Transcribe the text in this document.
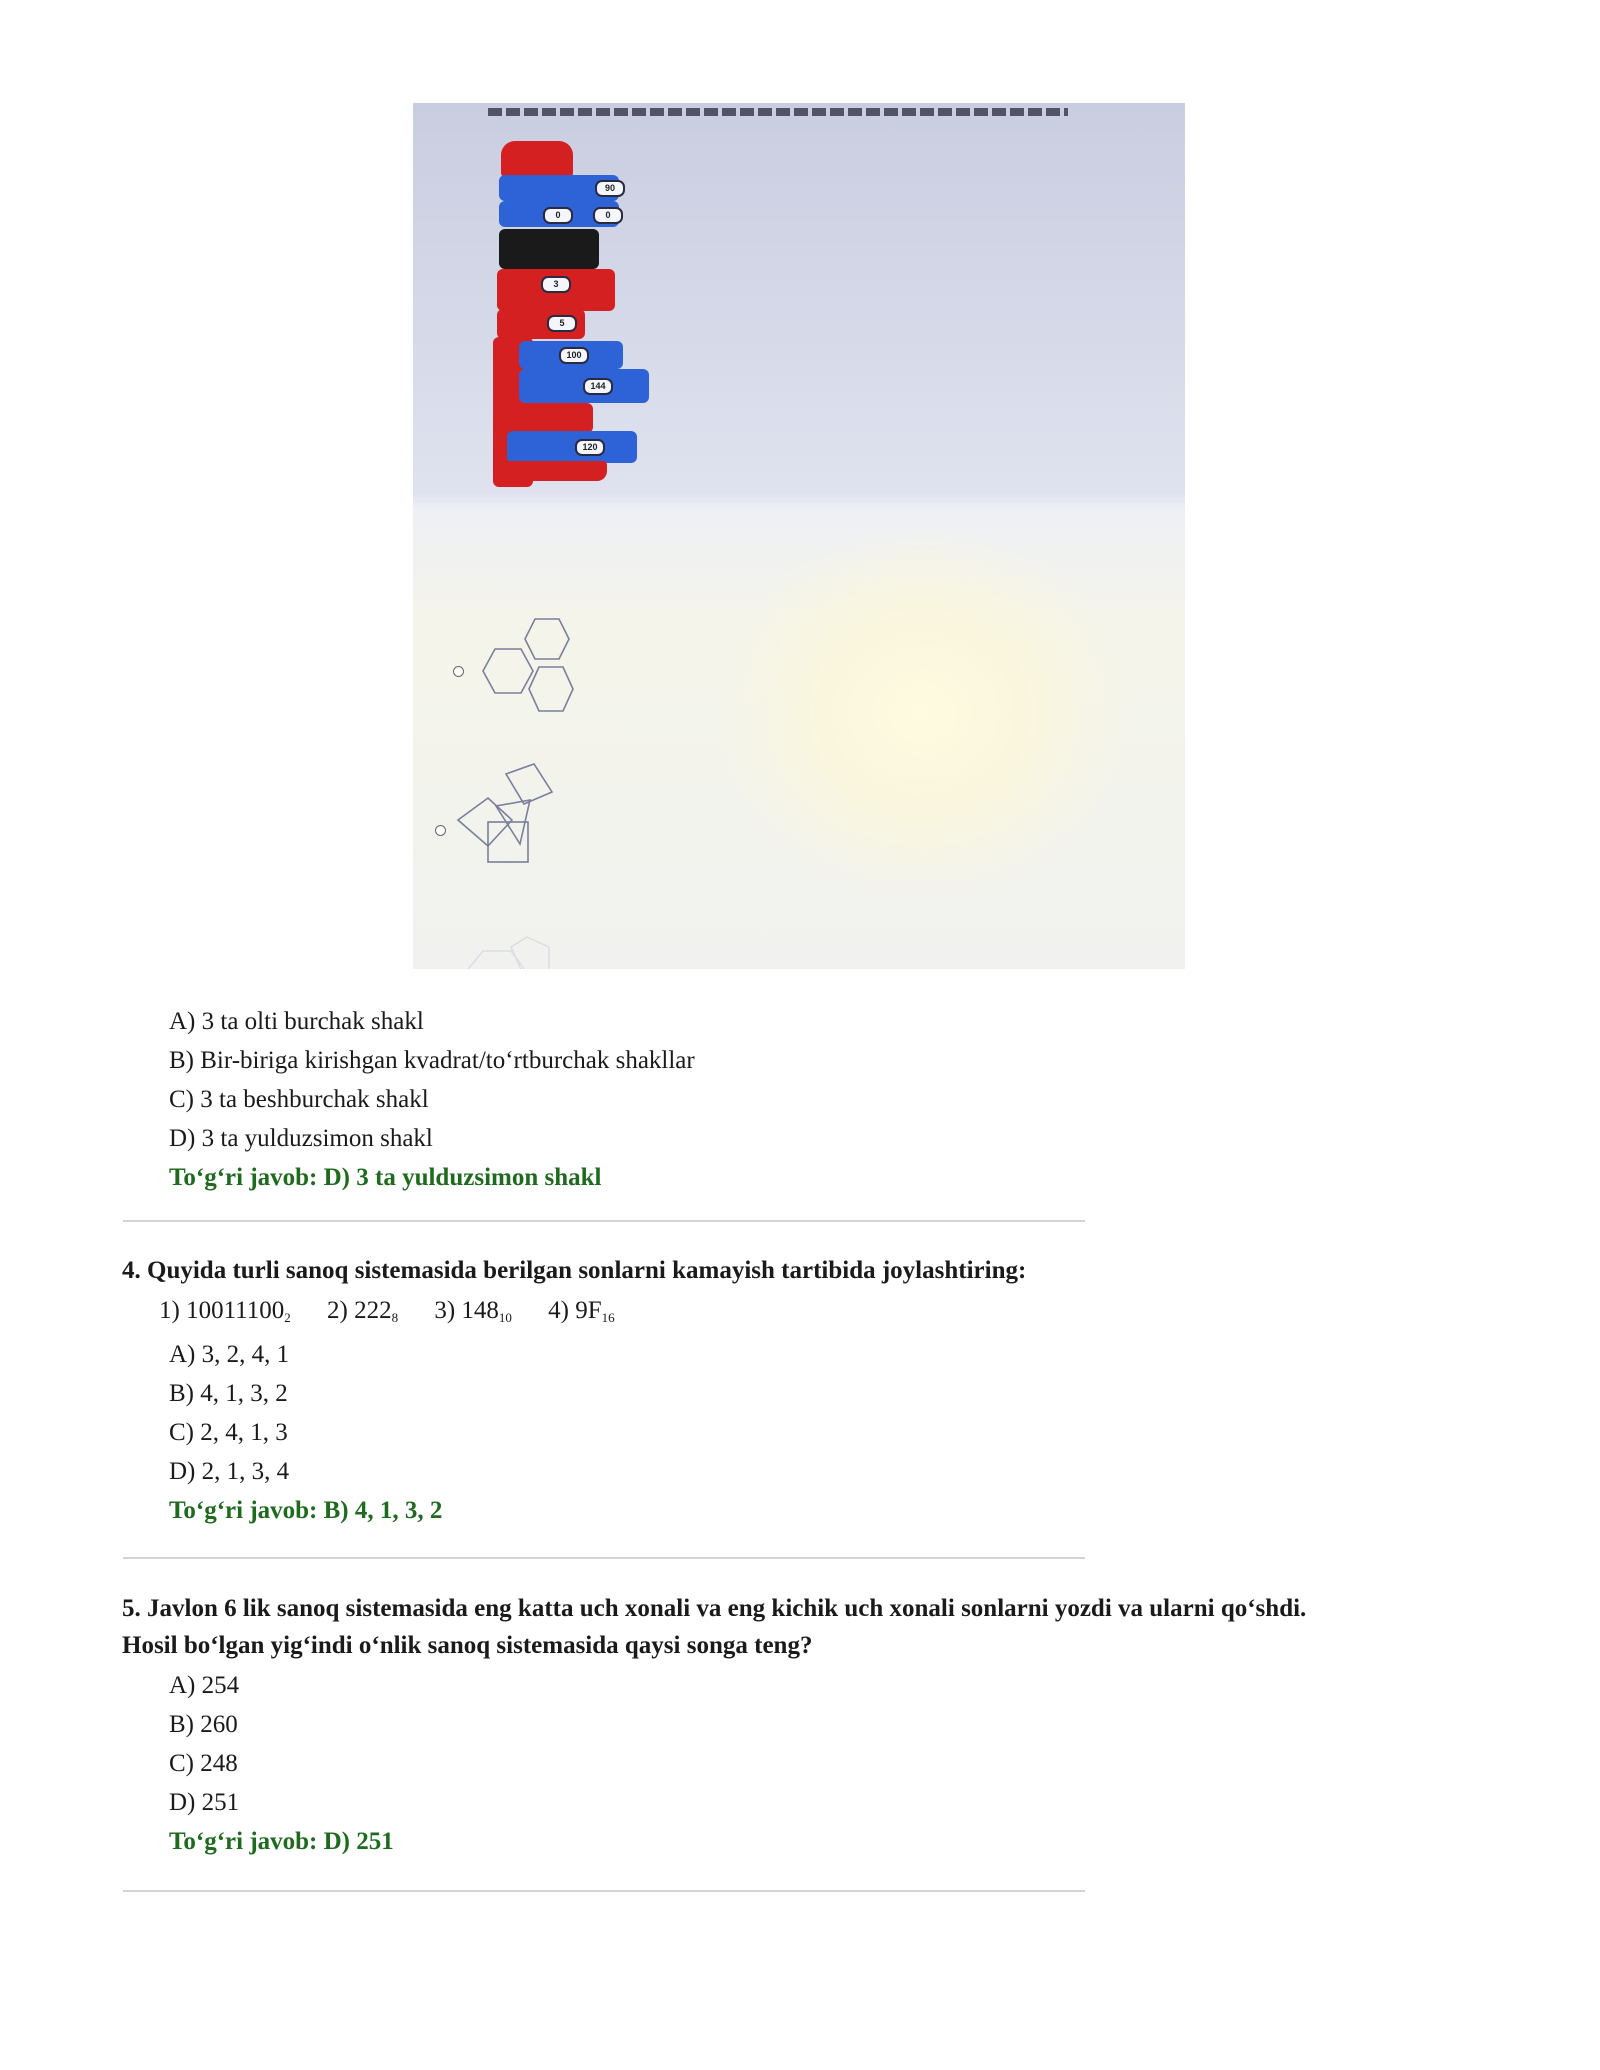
90
0	0
3
5
100
144
120
A) 3 ta olti burchak shakl
B) Bir-biriga kirishgan kvadrat/to‘rtburchak shakllar
C) 3 ta beshburchak shakl
D) 3 ta yulduzsimon shakl
To‘g‘ri javob: D) 3 ta yulduzsimon shakl
4. Quyida turli sanoq sistemasida berilgan sonlarni kamayish tartibida joylashtiring:
1) $10011100_2$ 2) $222_8$ 3) $148_{10}$ 4) $9F_{16}$
A) 3, 2, 4, 1
B) 4, 1, 3, 2
C) 2, 4, 1, 3
D) 2, 1, 3, 4
To‘g‘ri javob: B) 4, 1, 3, 2
5. Javlon 6 lik sanoq sistemasida eng katta uch xonali va eng kichik uch xonali sonlarni yozdi va ularni qo‘shdi.
Hosil bo‘lgan yig‘indi o‘nlik sanoq sistemasida qaysi songa teng?
A) 254
B) 260
C) 248
D) 251
To‘g‘ri javob: D) 251
